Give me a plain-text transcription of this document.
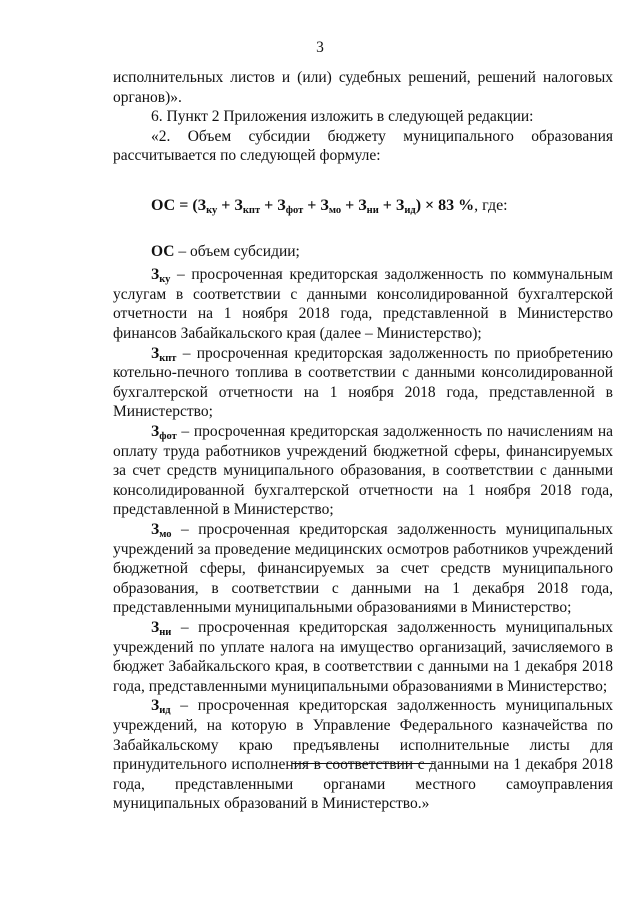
3

исполнительных листов и (или) судебных решений, решений налоговых органов)».

6. Пункт 2 Приложения изложить в следующей редакции:

«2. Объем субсидии бюджету муниципального образования рассчитывается по следующей формуле:

ОС = $(З_{ку} + З_{кпт} + З_{фот} + З_{мо} + З_{ни} + З_{ид}) \times 83$ %, где:

ОС – объем субсидии;

$З_{ку}$ – просроченная кредиторская задолженность по коммунальным услугам в соответствии с данными консолидированной бухгалтерской отчетности на 1 ноября 2018 года, представленной в Министерство финансов Забайкальского края (далее – Министерство);

$З_{кпт}$ – просроченная кредиторская задолженность по приобретению котельно-печного топлива в соответствии с данными консолидированной бухгалтерской отчетности на 1 ноября 2018 года, представленной в Министерство;

$З_{фот}$ – просроченная кредиторская задолженность по начислениям на оплату труда работников учреждений бюджетной сферы, финансируемых за счет средств муниципального образования, в соответствии с данными консолидированной бухгалтерской отчетности на 1 ноября 2018 года, представленной в Министерство;

$З_{мо}$ – просроченная кредиторская задолженность муниципальных учреждений за проведение медицинских осмотров работников учреждений бюджетной сферы, финансируемых за счет средств муниципального образования, в соответствии с данными на 1 декабря 2018 года, представленными муниципальными образованиями в Министерство;

$З_{ни}$ – просроченная кредиторская задолженность муниципальных учреждений по уплате налога на имущество организаций, зачисляемого в бюджет Забайкальского края, в соответствии с данными на 1 декабря 2018 года, представленными муниципальными образованиями в Министерство;

$З_{ид}$ – просроченная кредиторская задолженность муниципальных учреждений, на которую в Управление Федерального казначейства по Забайкальскому краю предъявлены исполнительные листы для принудительного исполнения в соответствии с данными на 1 декабря 2018 года, представленными органами местного самоуправления муниципальных образований в Министерство.»
